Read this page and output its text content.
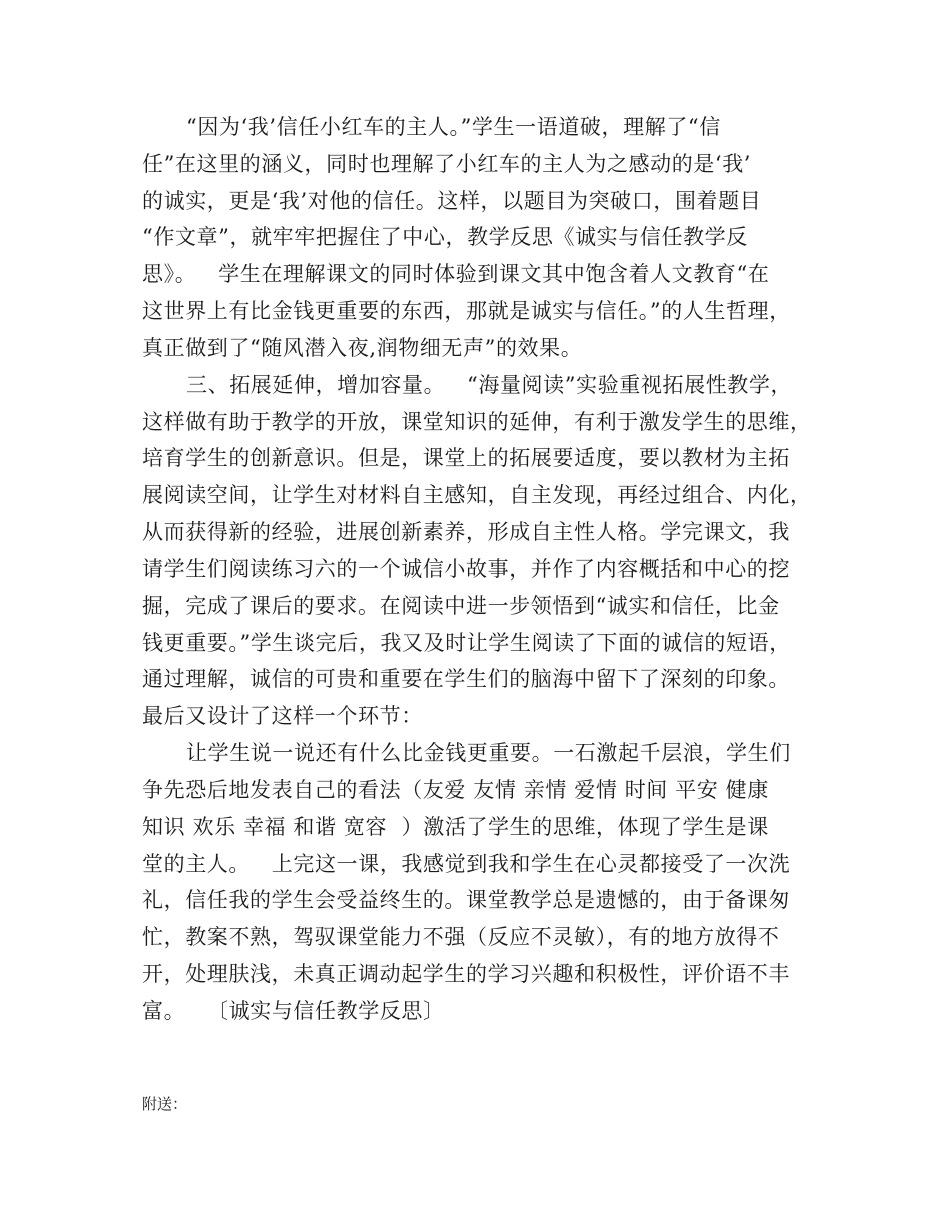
“因为‘我’信任小红车的主人。”学生一语道破，理解了“信
任”在这里的涵义，同时也理解了小红车的主人为之感动的是‘我’
的诚实，更是‘我’对他的信任。这样，以题目为突破口，围着题目
“作文章”，就牢牢把握住了中心，教学反思《诚实与信任教学反
思》。   学生在理解课文的同时体验到课文其中饱含着人文教育“在
这世界上有比金钱更重要的东西，那就是诚实与信任。”的人生哲理，
真正做到了“随风潜入夜,润物细无声”的效果。
三、拓展延伸，增加容量。   “海量阅读”实验重视拓展性教学，
这样做有助于教学的开放，课堂知识的延伸，有利于激发学生的思维，
培育学生的创新意识。但是，课堂上的拓展要适度，要以教材为主拓
展阅读空间，让学生对材料自主感知，自主发现，再经过组合、内化，
从而获得新的经验，进展创新素养，形成自主性人格。学完课文，我
请学生们阅读练习六的一个诚信小故事，并作了内容概括和中心的挖
掘，完成了课后的要求。在阅读中进一步领悟到“诚实和信任，比金
钱更重要。”学生谈完后，我又及时让学生阅读了下面的诚信的短语，
通过理解，诚信的可贵和重要在学生们的脑海中留下了深刻的印象。
最后又设计了这样一个环节：
让学生说一说还有什么比金钱更重要。一石激起千层浪，学生们
争先恐后地发表自己的看法（友爱 友情 亲情 爱情 时间 平安 健康
知识 欢乐 幸福 和谐 宽容  ）激活了学生的思维，体现了学生是课
堂的主人。   上完这一课，我感觉到我和学生在心灵都接受了一次洗
礼，信任我的学生会受益终生的。课堂教学总是遗憾的，由于备课匆
忙，教案不熟，驾驭课堂能力不强（反应不灵敏），有的地方放得不
开，处理肤浅，未真正调动起学生的学习兴趣和积极性，评价语不丰
富。   〔诚实与信任教学反思〕
附送：
